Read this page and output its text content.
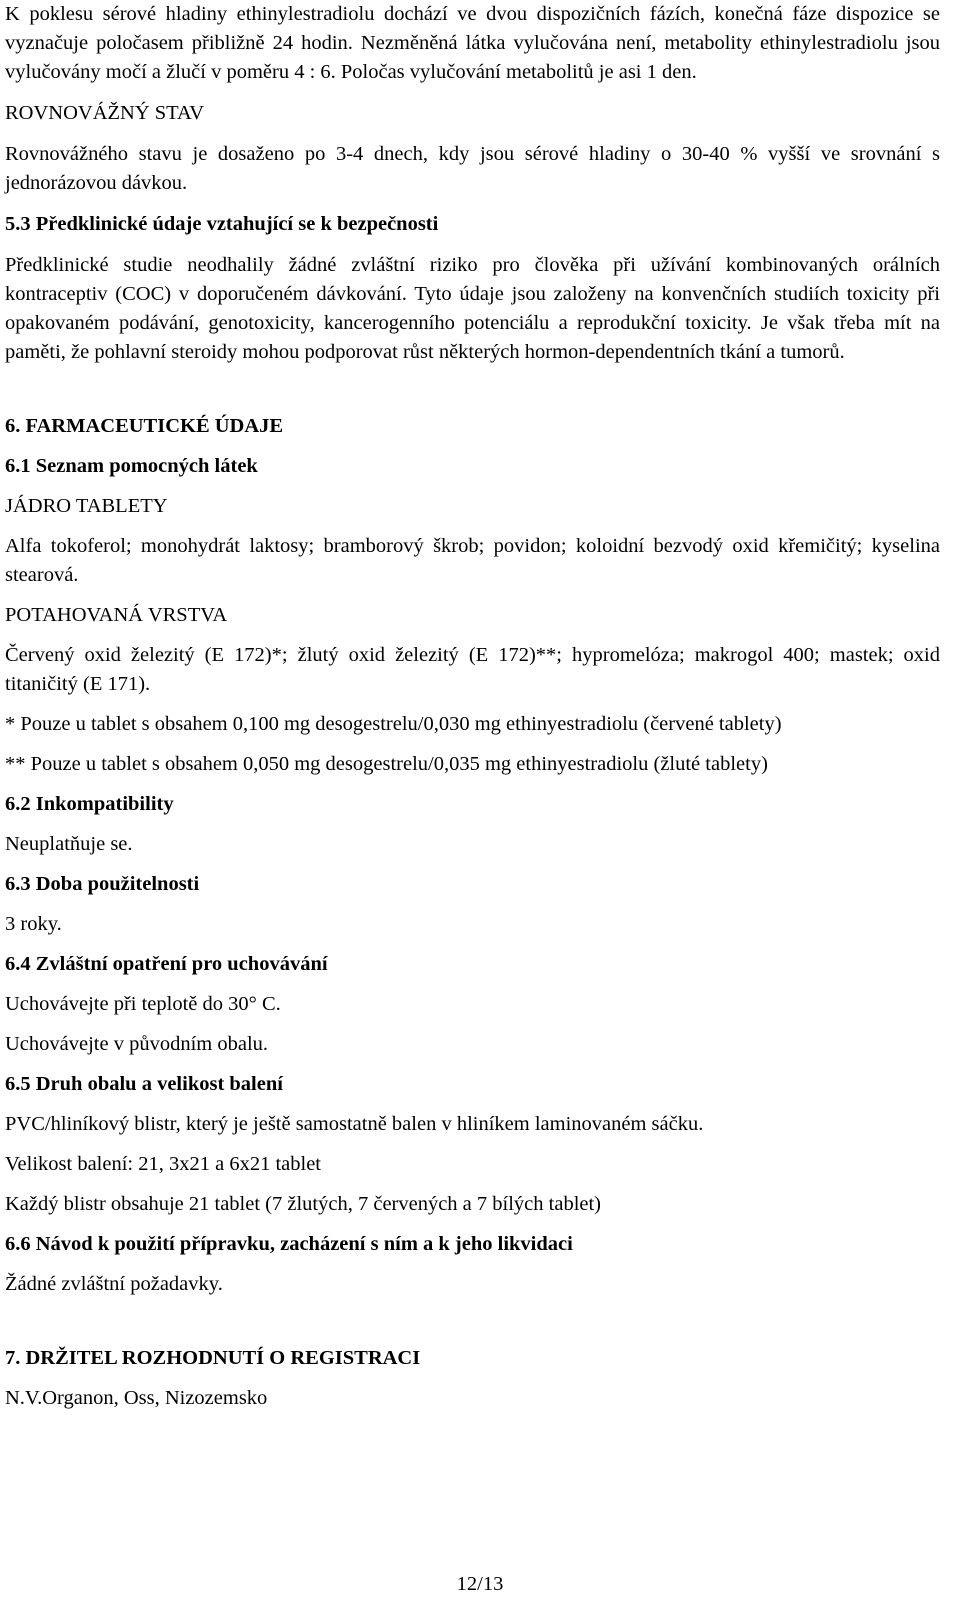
K poklesu sérové hladiny ethinylestradiolu dochází ve dvou dispozičních fázích, konečná fáze dispozice se vyznačuje poločasem přibližně 24 hodin. Nezměněná látka vylučována není, metabolity ethinylestradiolu jsou vylučovány močí a žlučí v poměru 4 : 6. Poločas vylučování metabolitů je asi 1 den.

ROVNOVÁŽNÝ STAV

Rovnovážného stavu je dosaženo po 3-4 dnech, kdy jsou sérové hladiny o 30-40 % vyšší ve srovnání s jednorázovou dávkou.

5.3 Předklinické údaje vztahující se k bezpečnosti

Předklinické studie neodhalily žádné zvláštní riziko pro člověka při užívání kombinovaných orálních kontraceptiv (COC) v doporučeném dávkování. Tyto údaje jsou založeny na konvenčních studiích toxicity při opakovaném podávání, genotoxicity, kancerogenního potenciálu a reprodukční toxicity. Je však třeba mít na paměti, že pohlavní steroidy mohou podporovat růst některých hormon-dependentních tkání a tumorů.

6. FARMACEUTICKÉ ÚDAJE

6.1 Seznam pomocných látek

JÁDRO TABLETY

Alfa tokoferol; monohydrát laktosy; bramborový škrob; povidon; koloidní bezvodý oxid křemičitý; kyselina stearová.

POTAHOVANÁ VRSTVA

Červený oxid železitý (E 172)*; žlutý oxid železitý (E 172)**; hypromelóza; makrogol 400; mastek; oxid titaničitý (E 171).

* Pouze u tablet s obsahem 0,100 mg desogestrelu/0,030 mg ethinyestradiolu (červené tablety)

** Pouze u tablet s obsahem 0,050 mg desogestrelu/0,035 mg ethinyestradiolu (žluté tablety)

6.2 Inkompatibility

Neuplatňuje se.

6.3 Doba použitelnosti

3 roky.

6.4 Zvláštní opatření pro uchovávání

Uchovávejte při teplotě do 30° C.

Uchovávejte v původním obalu.

6.5 Druh obalu a velikost balení

PVC/hliníkový blistr, který je ještě samostatně balen v hliníkem laminovaném sáčku.

Velikost balení: 21, 3x21 a 6x21 tablet

Každý blistr obsahuje 21 tablet (7 žlutých, 7 červených a 7 bílých tablet)

6.6 Návod k použití přípravku, zacházení s ním a k jeho likvidaci

Žádné zvláštní požadavky.

7. DRŽITEL ROZHODNUTÍ O REGISTRACI

N.V.Organon, Oss, Nizozemsko

12/13
